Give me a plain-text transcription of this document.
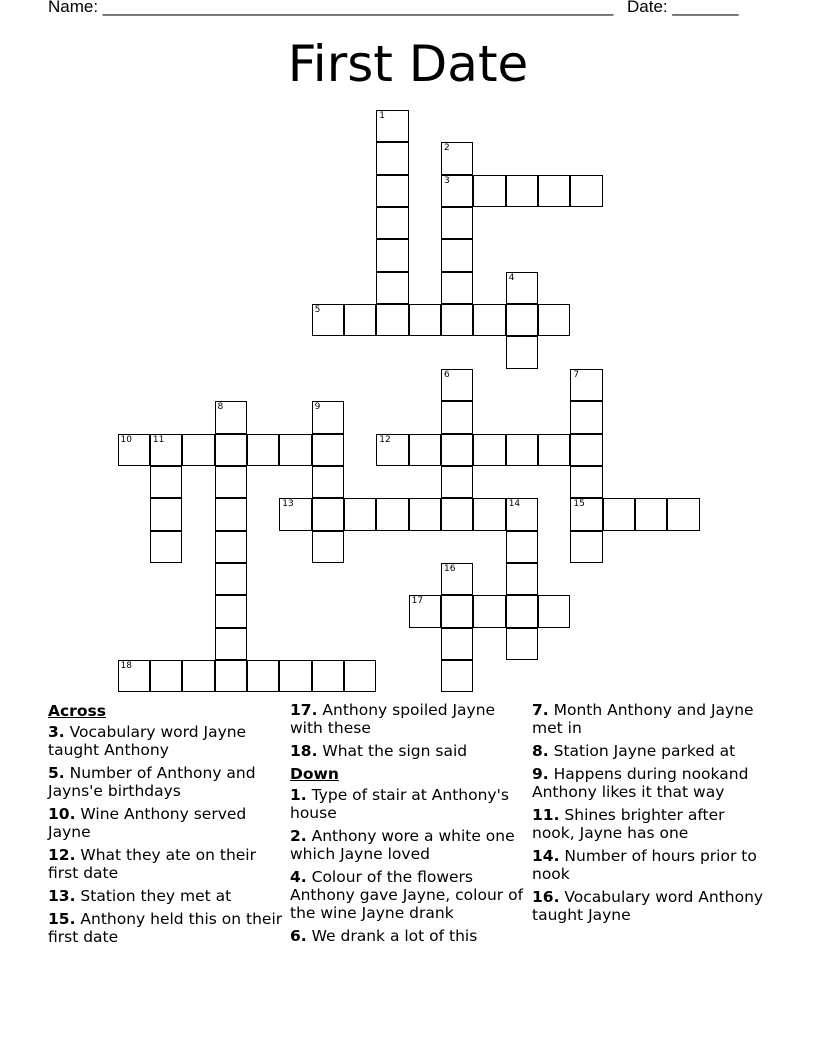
Name: ______________________________________________________ Date: _______
First Date
1
2
3
4
5
6	7
15
8	9
10 11	12
13	14
16
17
18
Across
3. Vocabulary word Jayne taught Anthony
5. Number of Anthony and Jayns'e birthdays
10. Wine Anthony served Jayne
12. What they ate on their first date
13. Station they met at
15. Anthony held this on their first date
17. Anthony spoiled Jayne with these
18. What the sign said
Down
1. Type of stair at Anthony's house
2. Anthony wore a white one which Jayne loved
4. Colour of the flowers Anthony gave Jayne, colour of the wine Jayne drank
6. We drank a lot of this
7. Month Anthony and Jayne met in
8. Station Jayne parked at
9. Happens during nookand Anthony likes it that way
11. Shines brighter after nook, Jayne has one
14. Number of hours prior to nook
16. Vocabulary word Anthony taught Jayne
